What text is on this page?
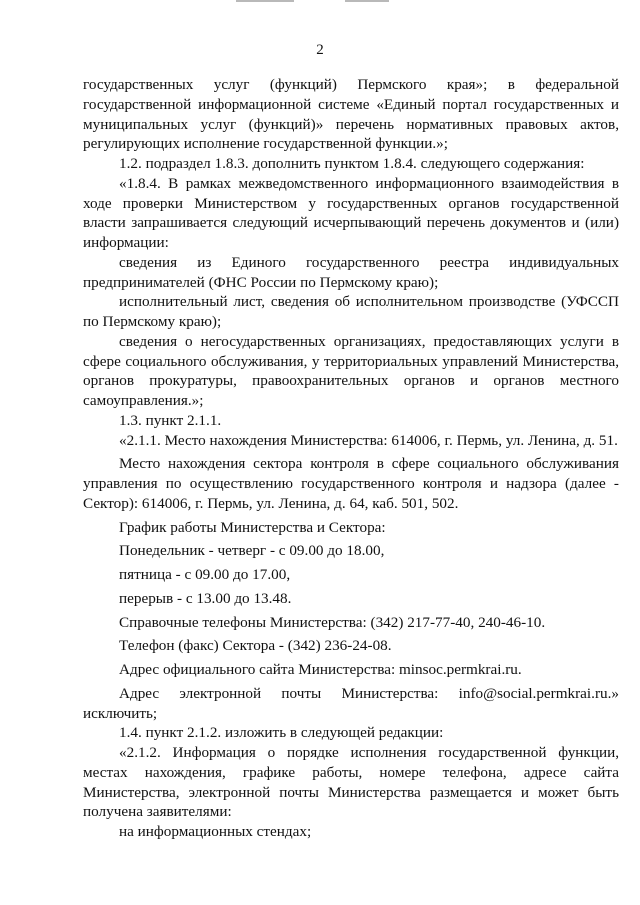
2

государственных услуг (функций) Пермского края»; в федеральной государственной информационной системе «Единый портал государственных и муниципальных услуг (функций)» перечень нормативных правовых актов, регулирующих исполнение государственной функции.»;

1.2. подраздел 1.8.3. дополнить пунктом 1.8.4. следующего содержания:

«1.8.4. В рамках межведомственного информационного взаимодействия в ходе проверки Министерством у государственных органов государственной власти запрашивается следующий исчерпывающий перечень документов и (или) информации:

сведения из Единого государственного реестра индивидуальных предпринимателей (ФНС России по Пермскому краю);

исполнительный лист, сведения об исполнительном производстве (УФССП по Пермскому краю);

сведения о негосударственных организациях, предоставляющих услуги в сфере социального обслуживания, у территориальных управлений Министерства, органов прокуратуры, правоохранительных органов и органов местного самоуправления.»;

1.3. пункт 2.1.1.

«2.1.1. Место нахождения Министерства: 614006, г. Пермь, ул. Ленина, д. 51.

Место нахождения сектора контроля в сфере социального обслуживания управления по осуществлению государственного контроля и надзора (далее - Сектор): 614006, г. Пермь, ул. Ленина, д. 64, каб. 501, 502.

График работы Министерства и Сектора:

Понедельник - четверг - с 09.00 до 18.00,

пятница - с 09.00 до 17.00,

перерыв - с 13.00 до 13.48.

Справочные телефоны Министерства: (342) 217-77-40, 240-46-10.

Телефон (факс) Сектора - (342) 236-24-08.

Адрес официального сайта Министерства: minsoc.permkrai.ru.

Адрес электронной почты Министерства: info@social.permkrai.ru.» исключить;

1.4. пункт 2.1.2. изложить в следующей редакции:

«2.1.2. Информация о порядке исполнения государственной функции, местах нахождения, графике работы, номере телефона, адресе сайта Министерства, электронной почты Министерства размещается и может быть получена заявителями:

на информационных стендах;
